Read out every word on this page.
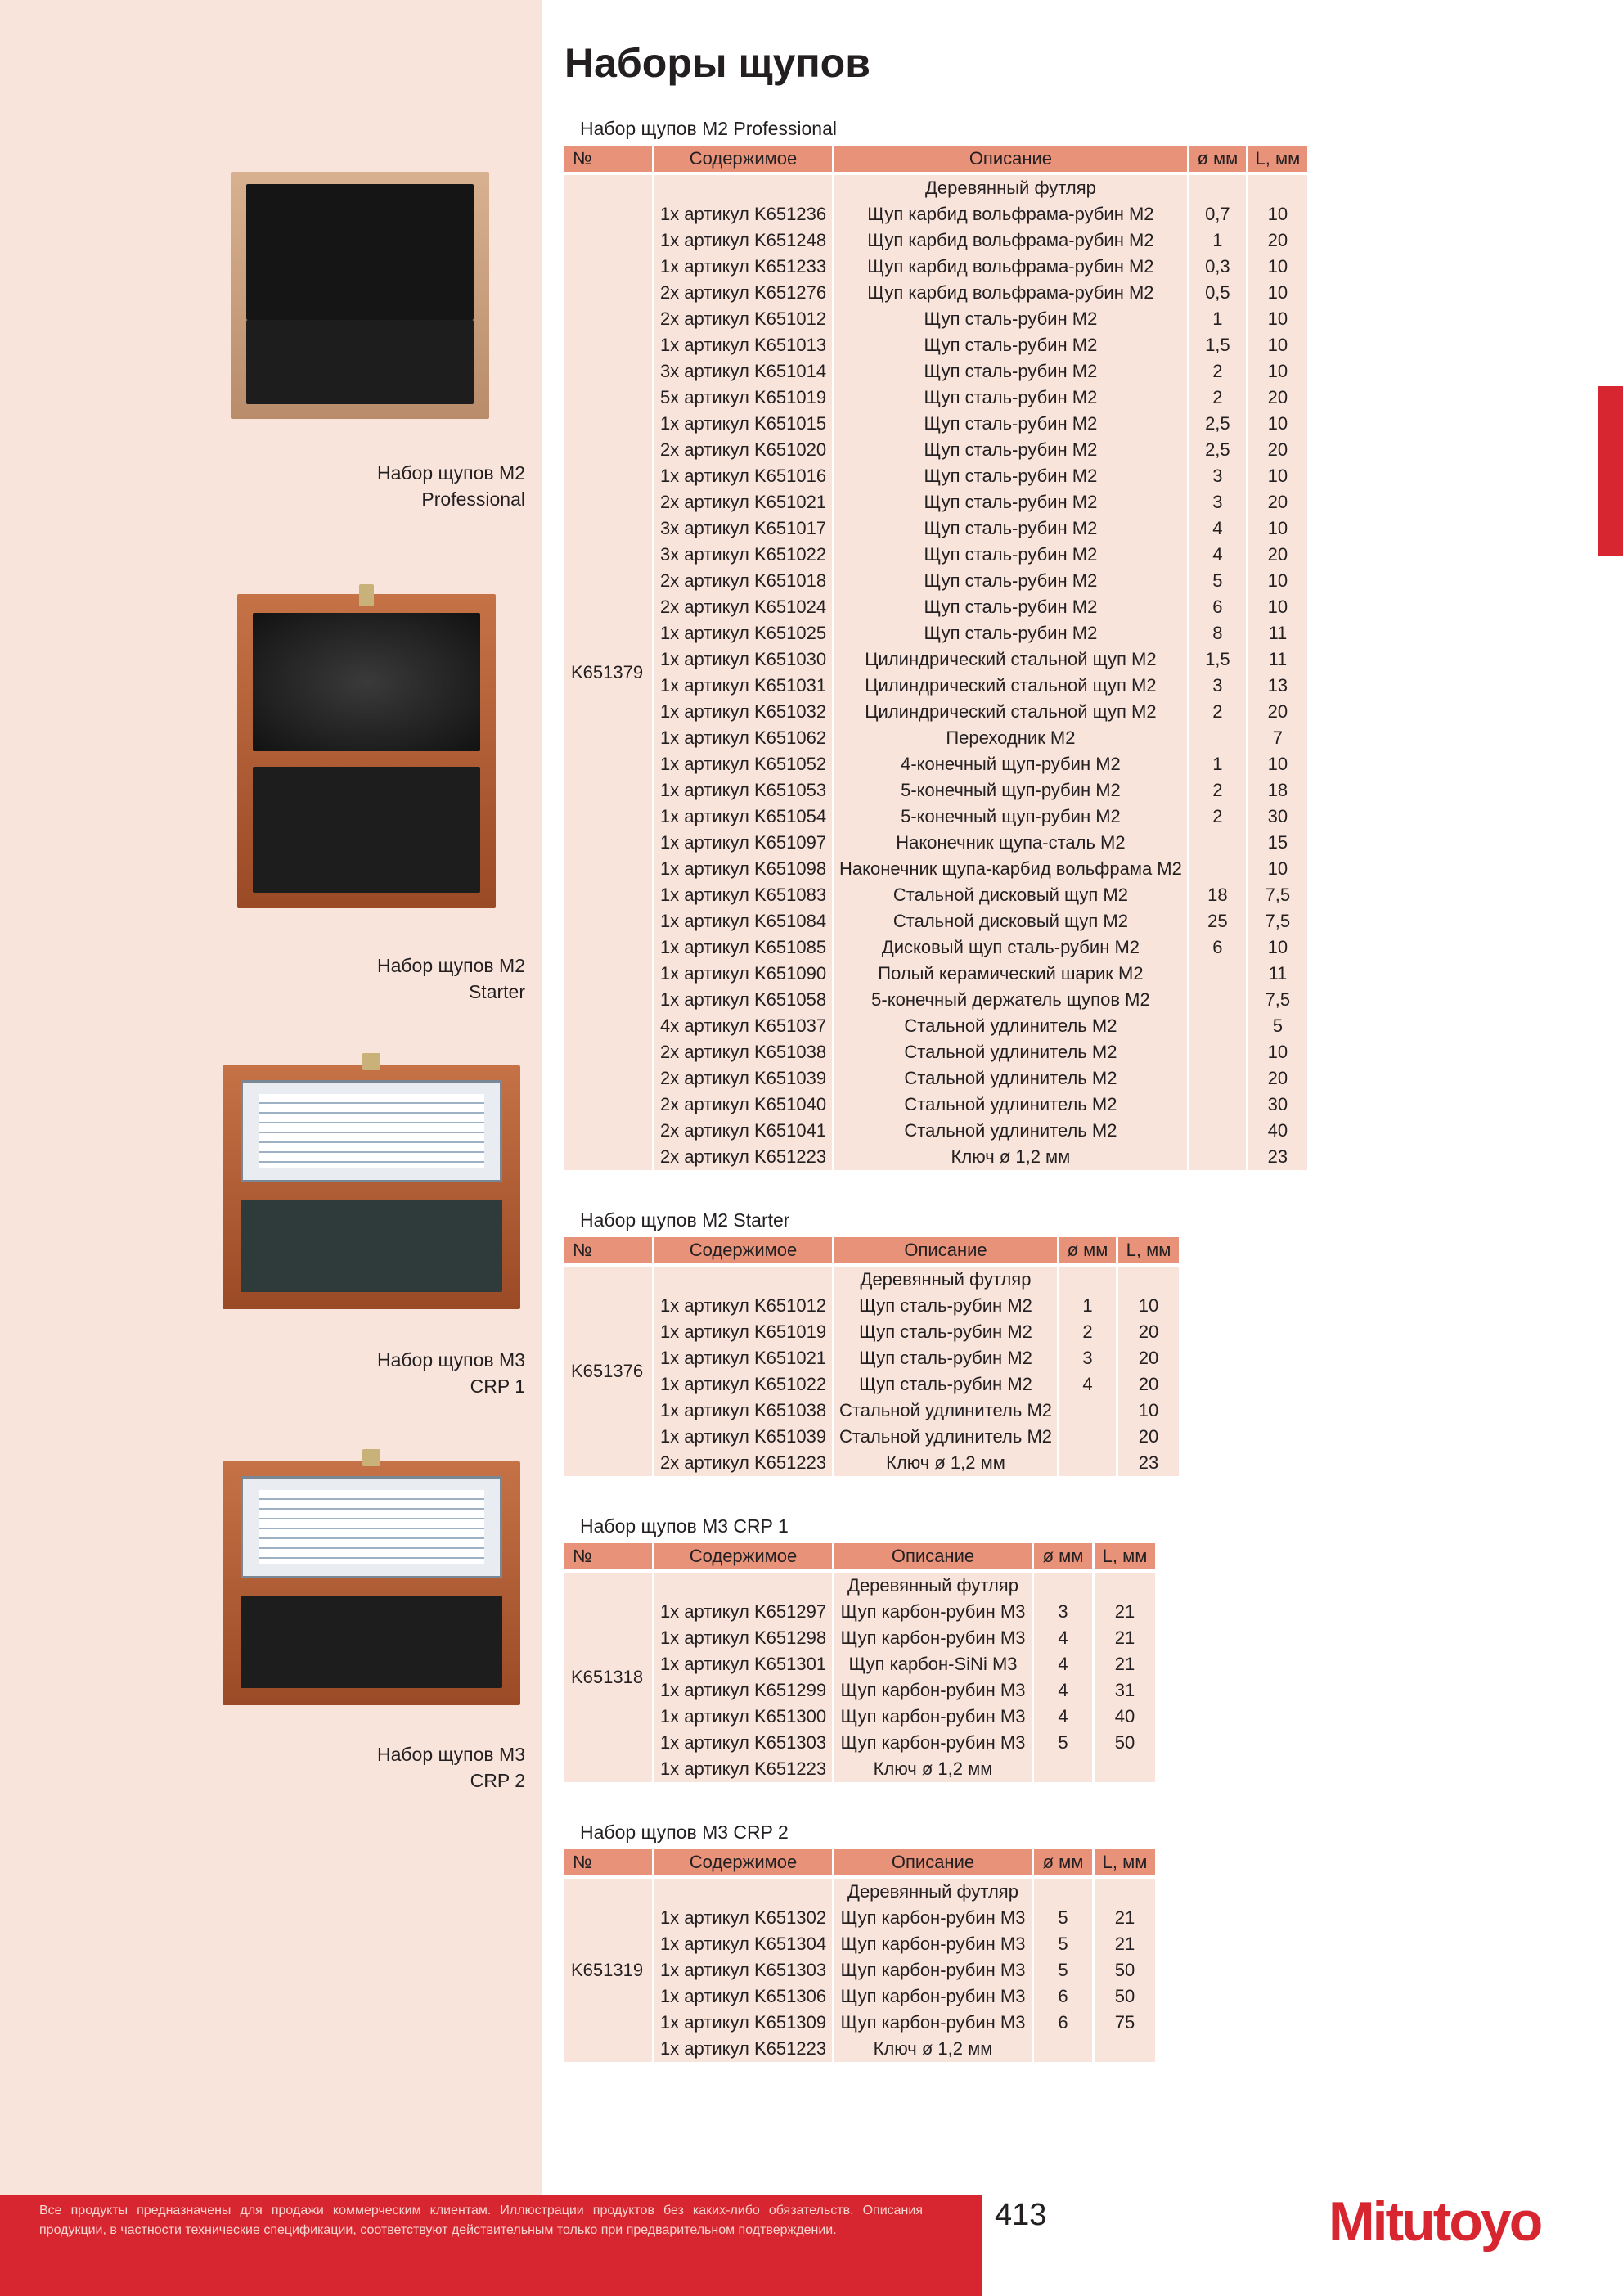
Наборы щупов
Набор щупов M2
Professional
Набор щупов M2
Starter
Набор щупов M3
CRP 1
Набор щупов M3
CRP 2
Набор щупов M2 Professional
Набор щупов M2 Starter
Набор щупов M3 CRP 1
Набор щупов M3 CRP 2
№	Содержимое	Описание	ø мм	L, мм

K651379		Деревянный футляр		
	1x артикул K651236	Щуп карбид вольфрама-рубин M2	0,7	10
	1x артикул K651248	Щуп карбид вольфрама-рубин M2	1	20
	1x артикул K651233	Щуп карбид вольфрама-рубин M2	0,3	10
	2x артикул K651276	Щуп карбид вольфрама-рубин M2	0,5	10
	2x артикул K651012	Щуп сталь-рубин M2	1	10
	1x артикул K651013	Щуп сталь-рубин M2	1,5	10
	3x артикул K651014	Щуп сталь-рубин M2	2	10
	5x артикул K651019	Щуп сталь-рубин M2	2	20
	1x артикул K651015	Щуп сталь-рубин M2	2,5	10
	2x артикул K651020	Щуп сталь-рубин M2	2,5	20
	1x артикул K651016	Щуп сталь-рубин M2	3	10
	2x артикул K651021	Щуп сталь-рубин M2	3	20
	3x артикул K651017	Щуп сталь-рубин M2	4	10
	3x артикул K651022	Щуп сталь-рубин M2	4	20
	2x артикул K651018	Щуп сталь-рубин M2	5	10
	2x артикул K651024	Щуп сталь-рубин M2	6	10
	1x артикул K651025	Щуп сталь-рубин M2	8	11
	1x артикул K651030	Цилиндрический стальной щуп M2	1,5	11
	1x артикул K651031	Цилиндрический стальной щуп M2	3	13
	1x артикул K651032	Цилиндрический стальной щуп M2	2	20
	1x артикул K651062	Переходник M2		7
	1x артикул K651052	4-конечный щуп-рубин M2	1	10
	1x артикул K651053	5-конечный щуп-рубин M2	2	18
	1x артикул K651054	5-конечный щуп-рубин M2	2	30
	1x артикул K651097	Наконечник щупа-сталь M2		15
	1x артикул K651098	Наконечник щупа-карбид вольфрама M2		10
	1x артикул K651083	Стальной дисковый щуп M2	18	7,5
	1x артикул K651084	Стальной дисковый щуп M2	25	7,5
	1x артикул K651085	Дисковый щуп сталь-рубин M2	6	10
	1x артикул K651090	Полый керамический шарик M2		11
	1x артикул K651058	5-конечный держатель щупов M2		7,5
	4x артикул K651037	Стальной удлинитель M2		5
	2x артикул K651038	Стальной удлинитель M2		10
	2x артикул K651039	Стальной удлинитель M2		20
	2x артикул K651040	Стальной удлинитель M2		30
	2x артикул K651041	Стальной удлинитель M2		40
	2x артикул K651223	Ключ ø 1,2 мм		23
№	Содержимое	Описание	ø мм	L, мм

K651376		Деревянный футляр		
	1x артикул K651012	Щуп сталь-рубин M2	1	10
	1x артикул K651019	Щуп сталь-рубин M2	2	20
	1x артикул K651021	Щуп сталь-рубин M2	3	20
	1x артикул K651022	Щуп сталь-рубин M2	4	20
	1x артикул K651038	Стальной удлинитель M2		10
	1x артикул K651039	Стальной удлинитель M2		20
	2x артикул K651223	Ключ ø 1,2 мм		23
№	Содержимое	Описание	ø мм	L, мм

K651318		Деревянный футляр		
	1x артикул K651297	Щуп карбон-рубин M3	3	21
	1x артикул K651298	Щуп карбон-рубин M3	4	21
	1x артикул K651301	Щуп карбон-SiNi M3	4	21
	1x артикул K651299	Щуп карбон-рубин M3	4	31
	1x артикул K651300	Щуп карбон-рубин M3	4	40
	1x артикул K651303	Щуп карбон-рубин M3	5	50
	1x артикул K651223	Ключ ø 1,2 мм		
№	Содержимое	Описание	ø мм	L, мм

K651319		Деревянный футляр		
	1x артикул K651302	Щуп карбон-рубин M3	5	21
	1x артикул K651304	Щуп карбон-рубин M3	5	21
	1x артикул K651303	Щуп карбон-рубин M3	5	50
	1x артикул K651306	Щуп карбон-рубин M3	6	50
	1x артикул K651309	Щуп карбон-рубин M3	6	75
	1x артикул K651223	Ключ ø 1,2 мм		
Все продукты предназначены для продажи коммерческим клиентам. Иллюстрации продуктов без каких-либо обязательств. Описания продукции, в частности технические спецификации, соответствуют действительным только при предварительном подтверждении.	413	Mitutoyo
